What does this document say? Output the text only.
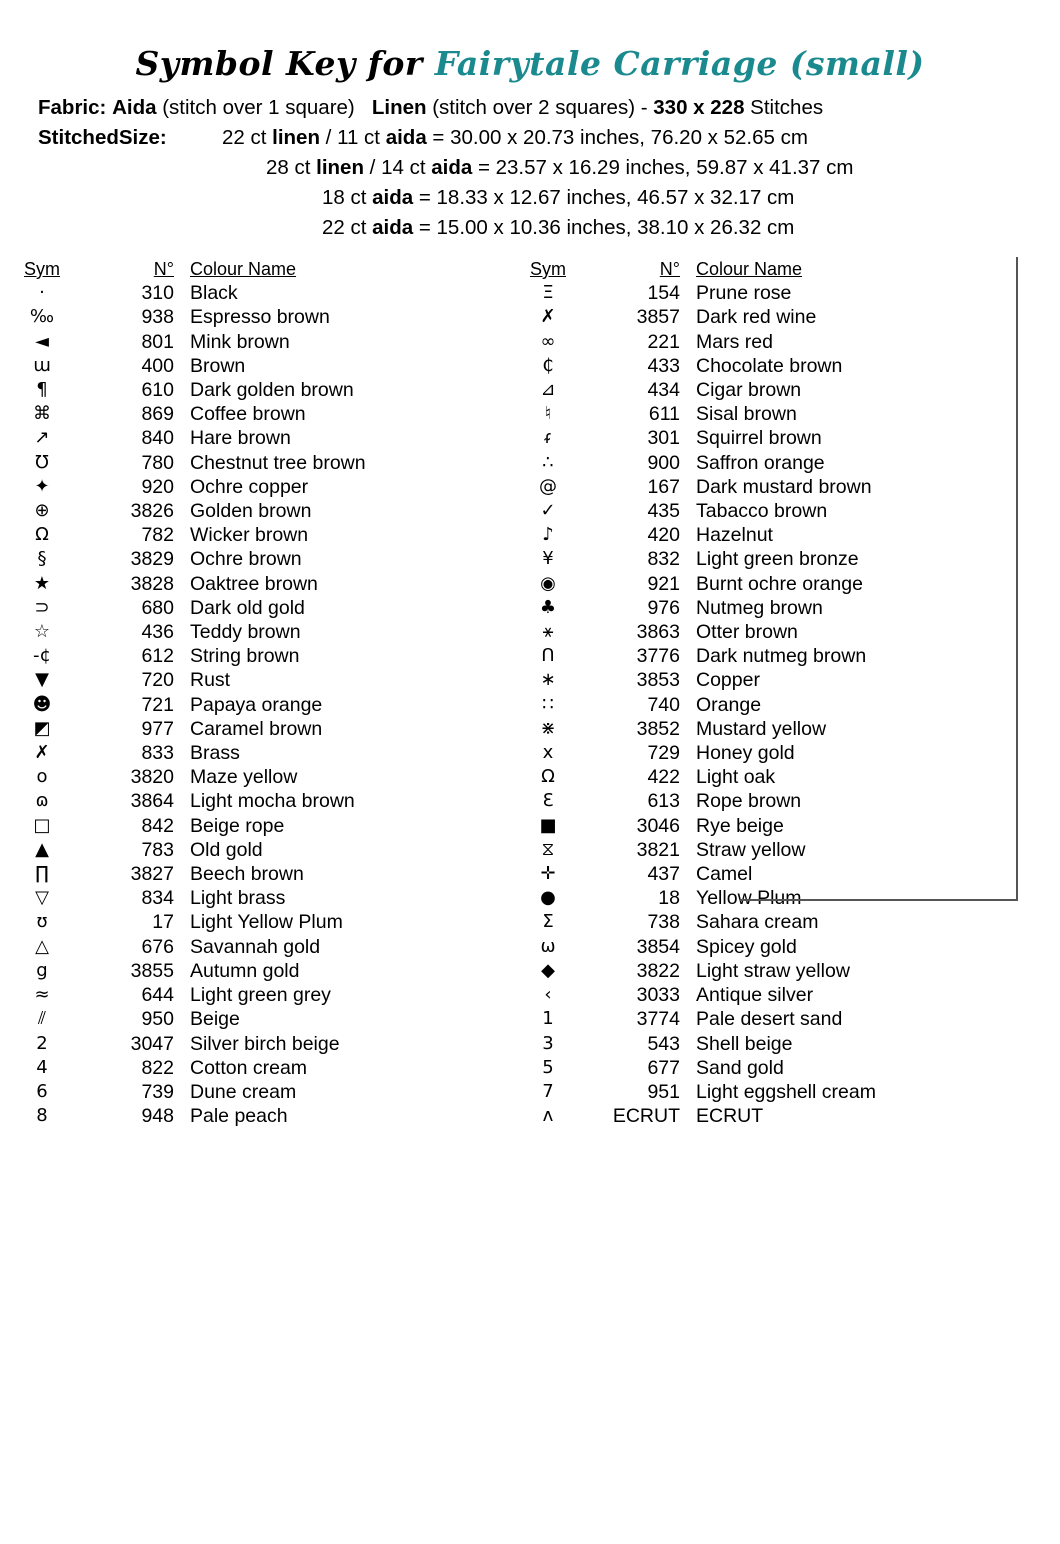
Symbol Key for Fairytale Carriage (small)
Fabric: Aida (stitch over 1 square) Linen (stitch over 2 squares) - 330 x 228 Stitches
StitchedSize:	22 ct linen / 11 ct aida = 30.00 x 20.73 inches, 76.20 x 52.65 cm
28 ct linen / 14 ct aida = 23.57 x 16.29 inches, 59.87 x 41.37 cm
18 ct aida = 18.33 x 12.67 inches, 46.57 x 32.17 cm
22 ct aida = 15.00 x 10.36 inches, 38.10 x 26.32 cm
Sym	N°	Colour Name		Sym	N°	Colour Name
·	310	Black		Ξ	154	Prune rose
‰	938	Espresso brown		✗	3857	Dark red wine
◄	801	Mink brown		∞	221	Mars red
ɯ	400	Brown		₵	433	Chocolate brown
¶	610	Dark golden brown		⊿	434	Cigar brown
⌘	869	Coffee brown		♮	611	Sisal brown
↗	840	Hare brown		ᵳ	301	Squirrel brown
℧	780	Chestnut tree brown		∴	900	Saffron orange
✦	920	Ochre copper		@	167	Dark mustard brown
⊕	3826	Golden brown		✓	435	Tabacco brown
Ω	782	Wicker brown		♪	420	Hazelnut
§	3829	Ochre brown		¥	832	Light green bronze
★	3828	Oaktree brown		◉	921	Burnt ochre orange
⊃	680	Dark old gold		♣	976	Nutmeg brown
☆	436	Teddy brown		⚹	3863	Otter brown
-¢	612	String brown		ᑎ	3776	Dark nutmeg brown
▼	720	Rust		∗	3853	Copper
☻	721	Papaya orange		∷	740	Orange
◩	977	Caramel brown		⋇	3852	Mustard yellow
✗	833	Brass		x	729	Honey gold
o	3820	Maze yellow		Ω	422	Light oak
ɷ	3864	Light mocha brown		Ɛ	613	Rope brown
□	842	Beige rope		■	3046	Rye beige
▲	783	Old gold		⧖	3821	Straw yellow
∏	3827	Beech brown		✛	437	Camel
▽	834	Light brass		●	18	Yellow Plum
ʊ	17	Light Yellow Plum		Σ	738	Sahara cream
△	676	Savannah gold		ω	3854	Spicey gold
g	3855	Autumn gold		◆	3822	Light straw yellow
≈	644	Light green grey		‹	3033	Antique silver
⫽	950	Beige		1	3774	Pale desert sand
2	3047	Silver birch beige		3	543	Shell beige
4	822	Cotton cream		5	677	Sand gold
6	739	Dune cream		7	951	Light eggshell cream
8	948	Pale peach		ʌ	ECRUT	ECRUT
